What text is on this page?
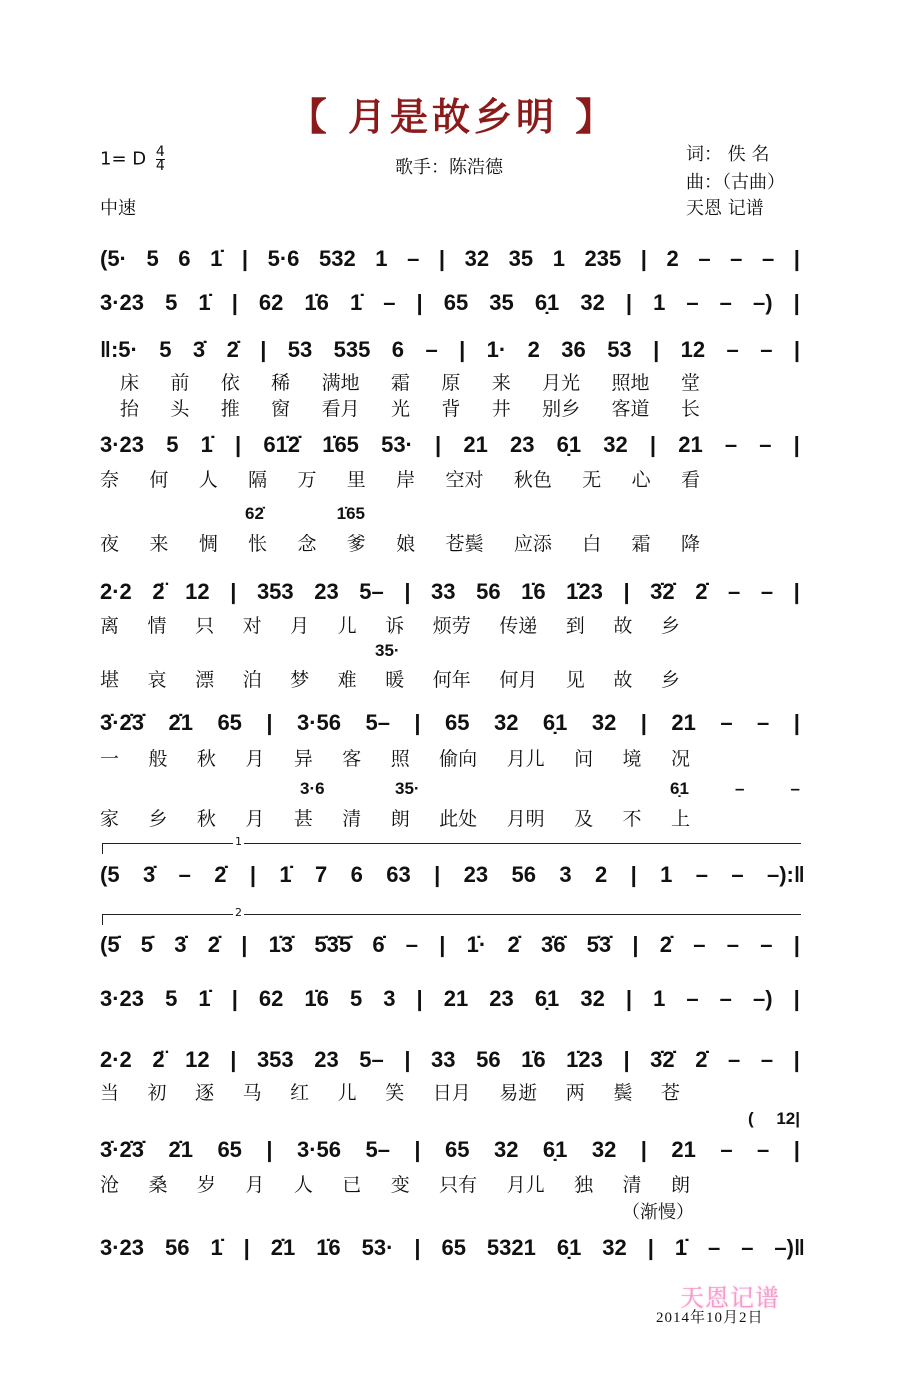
【 月是故乡明 】
1= D $\frac{4}{4}$
中速
歌手：陈浩德
词： 佚 名
曲：（古曲）
天恩 记谱
(5· 5 6 1̇ | 5·6 532 1 – | 32 35 1 235 | 2 – – – |
3·23 5 1̇ | 62 1̇6 1̇ – | 65 35 6̣1 32 | 1 – – –) |
‖:5· 5 3̇ 2̇ | 53 535 6 – | 1· 2 36 53 | 12 – – |
床 前 依 稀 满地 霜 原 来 月光 照地 堂
抬 头 推 窗 看月 光 背 井 别乡 客道 长
3·23 5 1̇ | 61̇2̇ 1̇65 53· | 21 23 6̣1 32 | 21 – – |
奈 何 人 隔 万 里 岸 空对 秋色 无 心 看
62̇	1̇65
夜 来 惆 怅 念 爹 娘 苍鬓 应添 白 霜 降
2·2 2̈ 12 | 353 23 5– | 33 56 1̇6 1̇23 | 3̇2̇ 2̇ – – |
离 情 只 对 月 儿 诉 烦劳 传递 到 故 乡
35·
堪 哀 漂 泊 梦 难 暖 何年 何月 见 故 乡
3̇·2̇3̇ 2̇1 65 | 3·56 5– | 65 32 6̣1 32 | 21 – – |
一 般 秋 月 异 客 照 偷向 月儿 问 境 况
3·6	35·	6̣1	–	–
家 乡 秋 月 甚 清 朗 此处 月明 及 不 上
1
(5 3̇ – 2̇ | 1̇ 7 6 63 | 23 56 3 2 | 1 – – –):‖
2
(5̇ 5̇ 3̇ 2̇ | 1̇3̇ 5̇3̇5̇ 6̇ – | 1̇· 2̇ 3̇6̇ 5̇3̇ | 2̇ – – – |
3·23 5 1̇ | 62 1̇6 5 3 | 21 23 6̣1 32 | 1 – – –) |
2·2 2̈ 12 | 353 23 5– | 33 56 1̇6 1̇23 | 3̇2̇ 2̇ – – |
当 初 逐 马 红 儿 笑 日月 易逝 两 鬓 苍
( 12|
3̇·2̇3̇ 2̇1 65 | 3·56 5– | 65 32 6̣1 32 | 21 – – |
沧 桑 岁 月 人 已 变 只有 月儿 独 清 朗
（渐慢）
3·23 56 1̇ | 2̇1 1̇6 53· | 65 5321 6̣1 32 | 1̇ – – –)‖
天恩记谱
2014年10月2日
